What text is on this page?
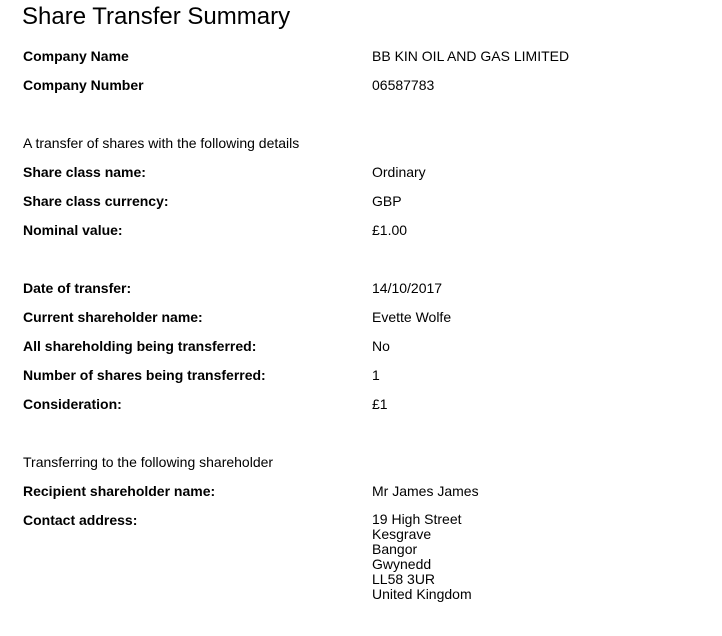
Share Transfer Summary
Company Name	BB KIN OIL AND GAS LIMITED
Company Number	06587783
A transfer of shares with the following details
Share class name:	Ordinary
Share class currency:	GBP
Nominal value:	£1.00
Date of transfer:	14/10/2017
Current shareholder name:	Evette Wolfe
All shareholding being transferred:	No
Number of shares being transferred:	1
Consideration:	£1
Transferring to the following shareholder
Recipient shareholder name:	Mr James James
Contact address:	19 High Street
Kesgrave
Bangor
Gwynedd
LL58 3UR
United Kingdom
